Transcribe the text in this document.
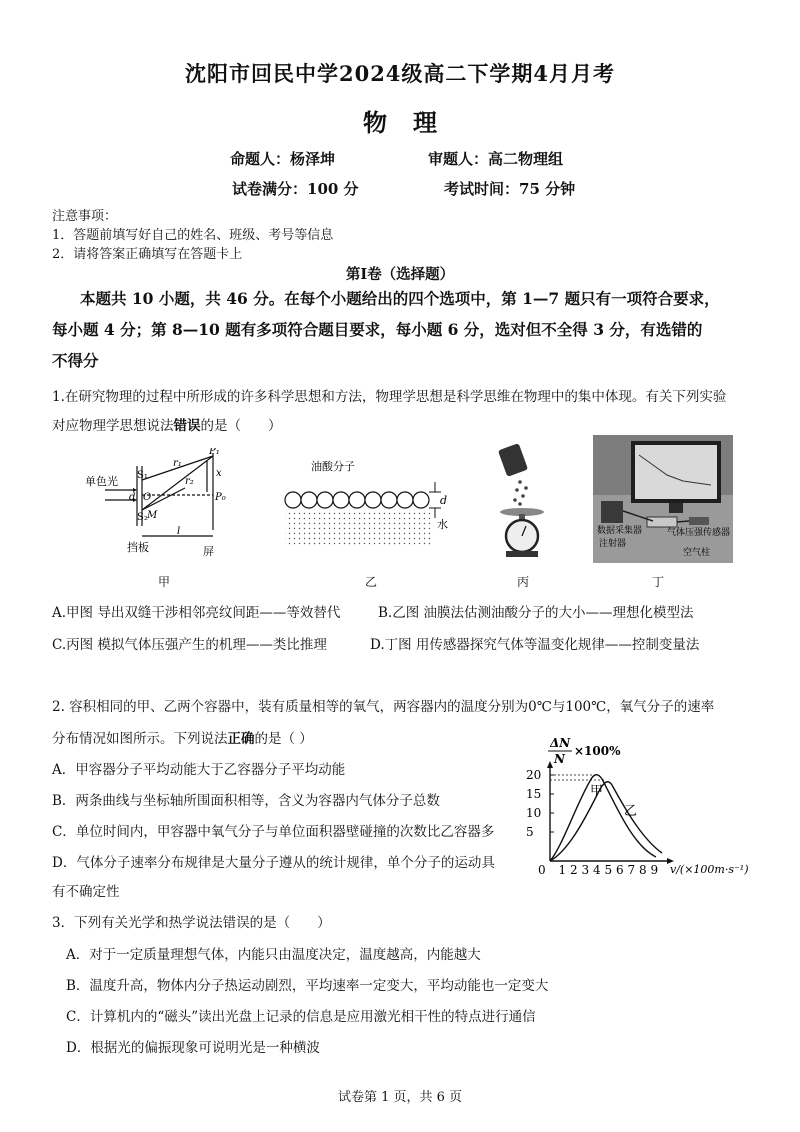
沈阳市回民中学2024级高二下学期4月月考
物理
命题人：杨泽坤	审题人：高二物理组
试卷满分：100 分	考试时间：75 分钟
注意事项：
1．答题前填写好自己的姓名、班级、考号等信息
2．请将答案正确填写在答题卡上
第Ⅰ卷（选择题）
本题共 10 小题，共 46 分。在每个小题给出的四个选项中，第 1—7 题只有一项符合要求，
每小题 4 分；第 8—10 题有多项符合题目要求，每小题 6 分，选对但不全得 3 分，有选错的
不得分
1.在研究物理的过程中所形成的许多科学思想和方法，物理学思想是科学思维在物理中的集中体现。有关下列实验
对应物理学思想说法错误的是（　　）
单色光 S₁
S₂
d O
M
P₁
P₀
r₁
r₂
x
l
挡板	屏
甲
油酸分子
d
水
乙	丙
数据采集器	气体压强传感器
注射器
空气柱
丁
A.甲图 导出双缝干涉相邻亮纹间距——等效替代	B.乙图 油膜法估测油酸分子的大小——理想化模型法
C.丙图 模拟气体压强产生的机理——类比推理	D.丁图 用传感器探究气体等温变化规律——控制变量法
2. 容积相同的甲、乙两个容器中，装有质量相等的氧气，两容器内的温度分别为0℃与100℃，氧气分子的速率
分布情况如图所示。下列说法正确的是（ ）
A．甲容器分子平均动能大于乙容器分子平均动能
B．两条曲线与坐标轴所围面积相等，含义为容器内气体分子总数
C．单位时间内，甲容器中氧气分子与单位面积器壁碰撞的次数比乙容器多
D．气体分子速率分布规律是大量分子遵从的统计规律，单个分子的运动具
有不确定性
ΔN
N
×100%
甲
乙
20
15
10
5
0 1 2 3 4 5 6 7 8 9 v/(×100m·s⁻¹)
3．下列有关光学和热学说法错误的是（　　）
A．对于一定质量理想气体，内能只由温度决定，温度越高，内能越大
B．温度升高，物体内分子热运动剧烈，平均速率一定变大，平均动能也一定变大
C．计算机内的“磁头”读出光盘上记录的信息是应用激光相干性的特点进行通信
D．根据光的偏振现象可说明光是一种横波
试卷第 1 页，共 6 页
